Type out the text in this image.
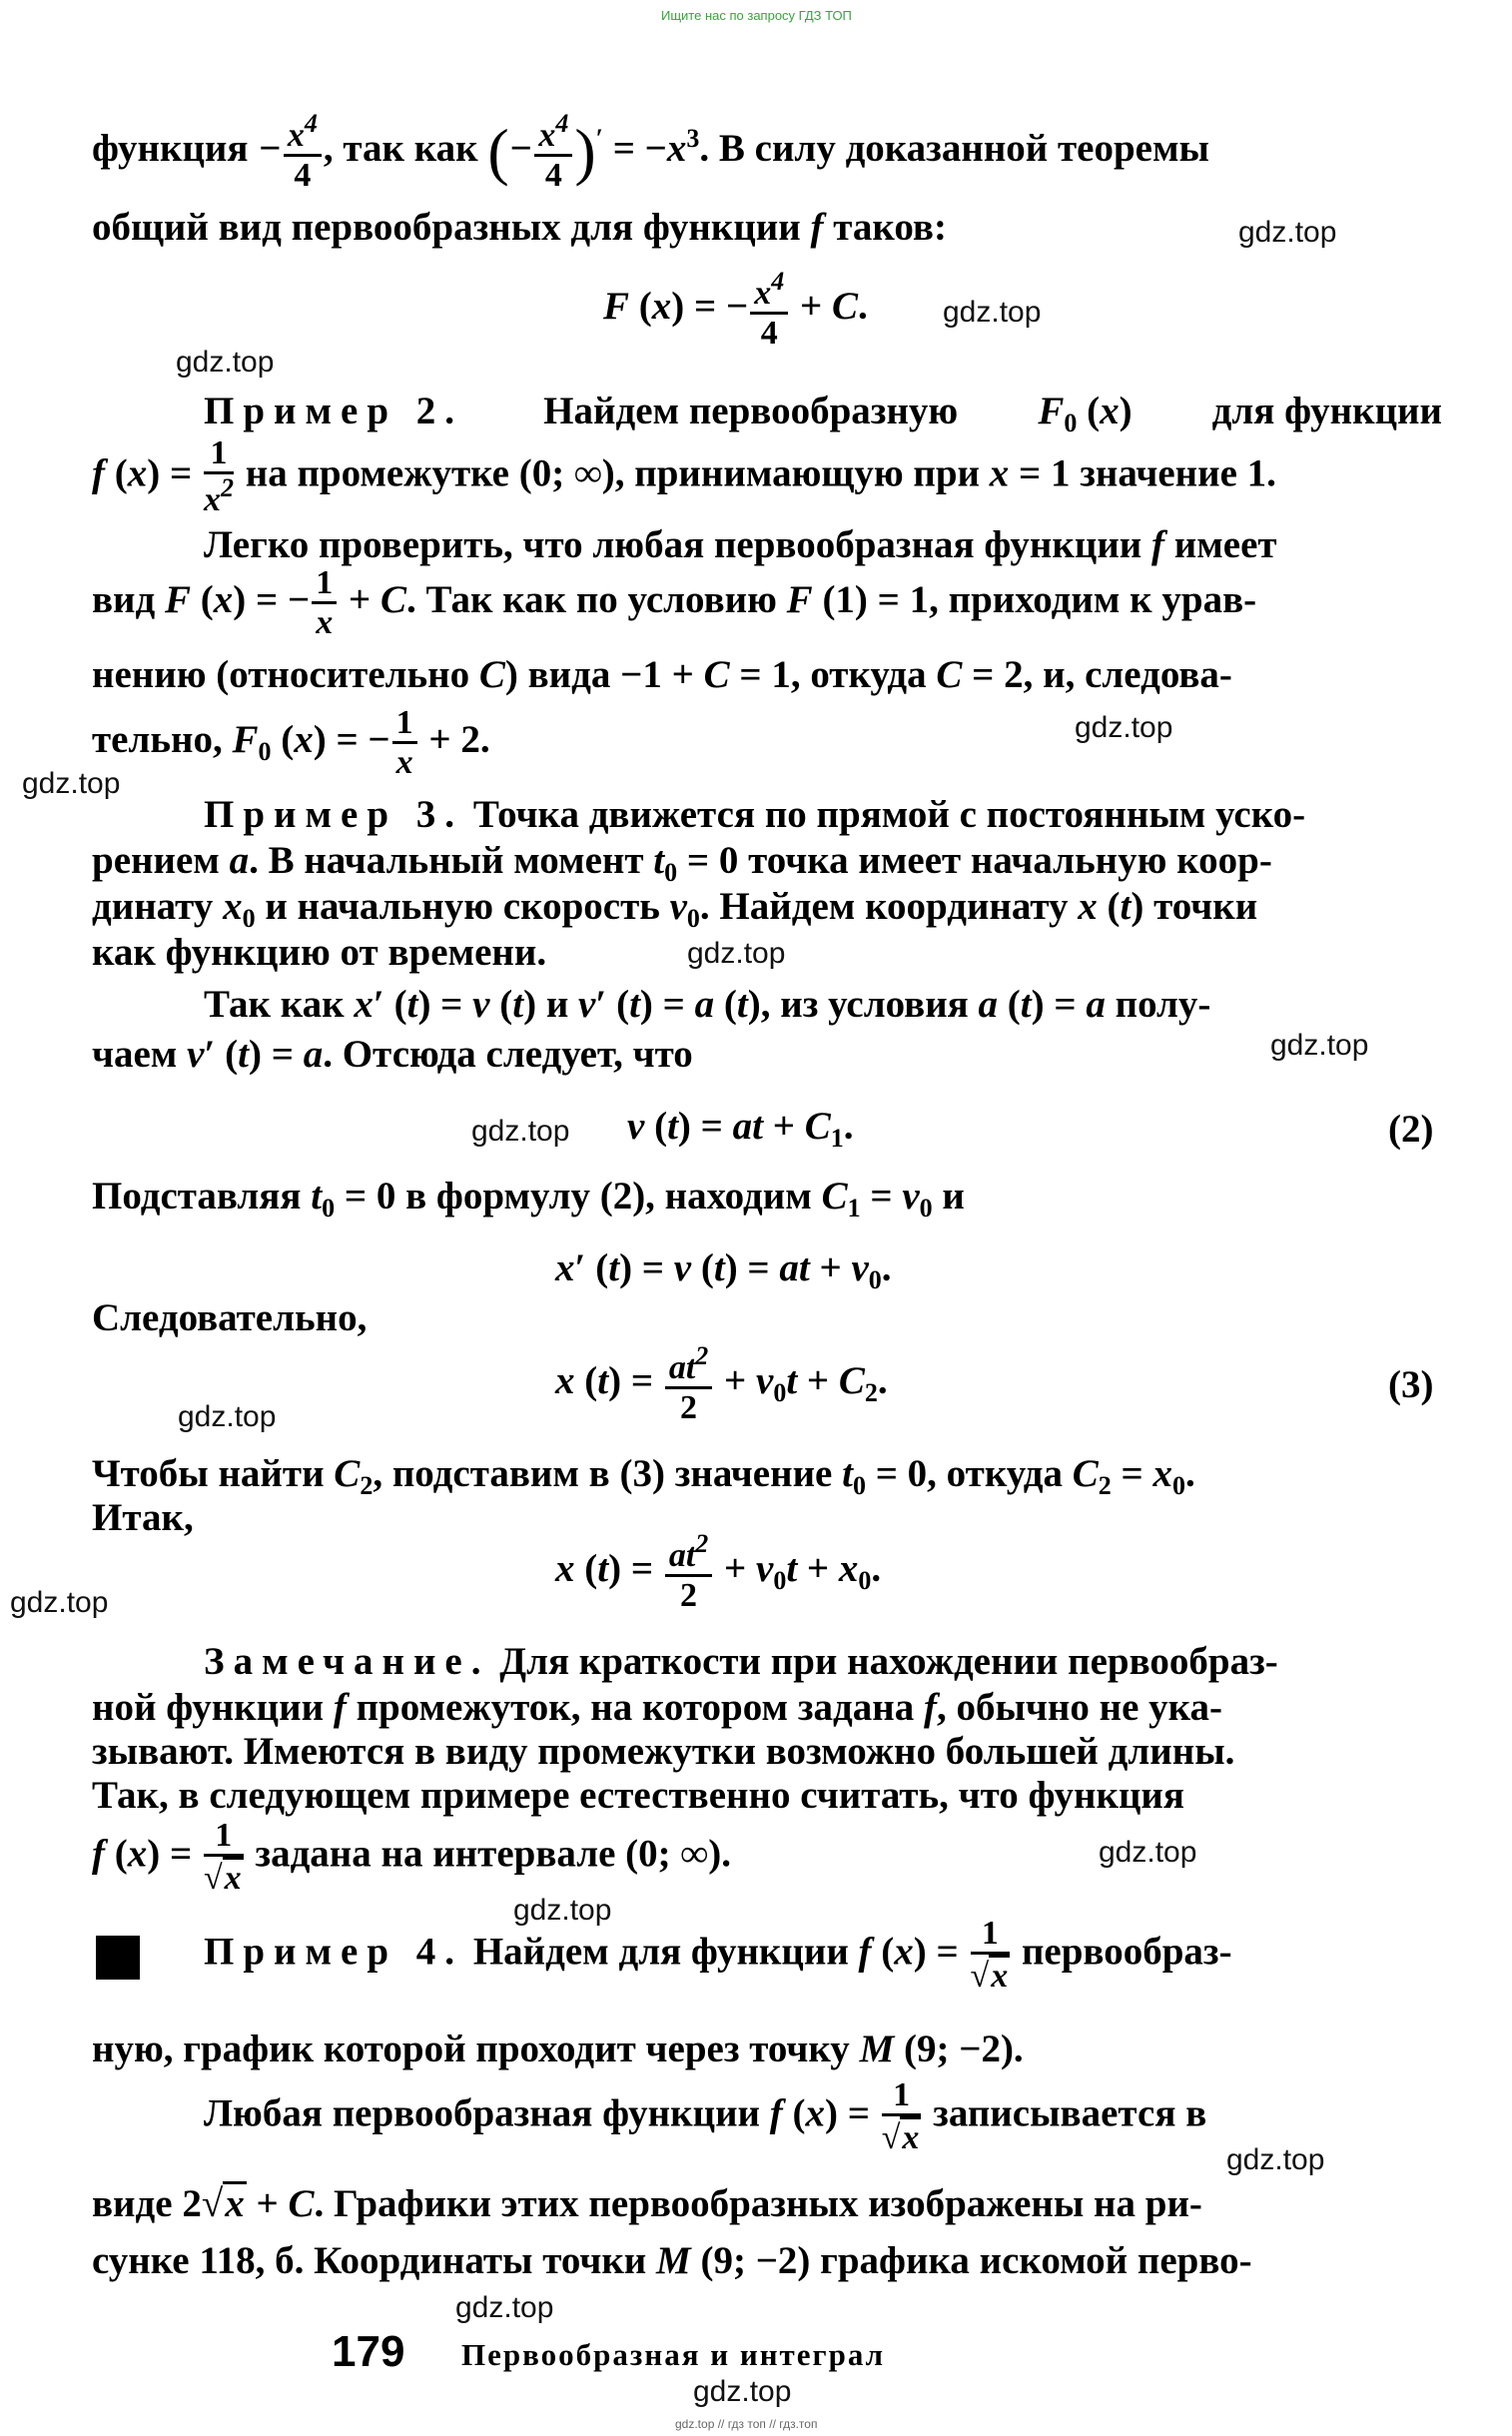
Ищите нас по запросу ГДЗ ТОП
функция − $\frac{x^4}{4}$ , так как (− $\frac{x^4}{4} )' = -x^3$. В силу доказанной теоремы
общий вид первообразных для функции f таков:	gdz.top
F (x) = − $\frac{x^4}{4} + C$.	gdz.top
gdz.top
Пример 2. Найдем первообразную $F_0$ (x) для функции
f $(x) = \frac{1}{x^2}$ на промежутке (0; ∞), принимающую при x = 1 значение 1.
Легко проверить, что любая первообразная функции f имеет
вид F (x) = − $\frac{1}{x} + C$. Так как по условию F (1) = 1, приходим к урав-
нению (относительно C) вида −1 + C = 1, откуда C = 2, и, следова-
тельно, $F_0$ (x) = − $\frac{1}{x} + 2$.	gdz.top
gdz.top
Пример 3. Точка движется по прямой с постоянным уско-
рением a. В начальный момент $t_0 = 0$ точка имеет начальную коор-
динату $x_0$ и начальную скорость $v_0$. Найдем координату x (t) точки
как функцию от времени.	gdz.top
Так как x′ (t) = v (t) и v′ (t) = a (t), из условия a (t) = a полу-
чаем v′ (t) = a. Отсюда следует, что	gdz.top
gdz.top v (t) = at + $C_1$.	(2)
Подставляя $t_0 = 0$ в формулу (2), находим $C_1 = v_0$ и
x′ (t) = v (t) = at + $v_0$.
Следовательно,
x $(t) = \frac{at^2}{2} + v_0t + C_2$.	(3)
gdz.top
Чтобы найти $C_2$, подставим в (3) значение $t_0 = 0$, откуда $C_2 = x_0$.
Итак,
x $(t) = \frac{at^2}{2} + v_0t + x_0$.
gdz.top
Замечание. Для краткости при нахождении первообраз-
ной функции f промежуток, на котором задана f, обычно не ука-
зывают. Имеются в виду промежутки возможно большей длины.
Так, в следующем примере естественно считать, что функция
f $(x) = \frac{1}{√x}$ задана на интервале (0; ∞).	gdz.top
gdz.top
Пример 4. Найдем для функции f $(x) = \frac{1}{√x}$ первообраз-
ную, график которой проходит через точку M (9; −2).
Любая первообразная функции f $(x) = \frac{1}{√x}$ записывается в
gdz.top
виде 2√x + C. Графики этих первообразных изображены на ри-
сунке 118, б. Координаты точки M (9; −2) графика искомой перво-
gdz.top
179 Первообразная и интеграл
gdz.top
gdz.top // гдз топ // гдз.топ
